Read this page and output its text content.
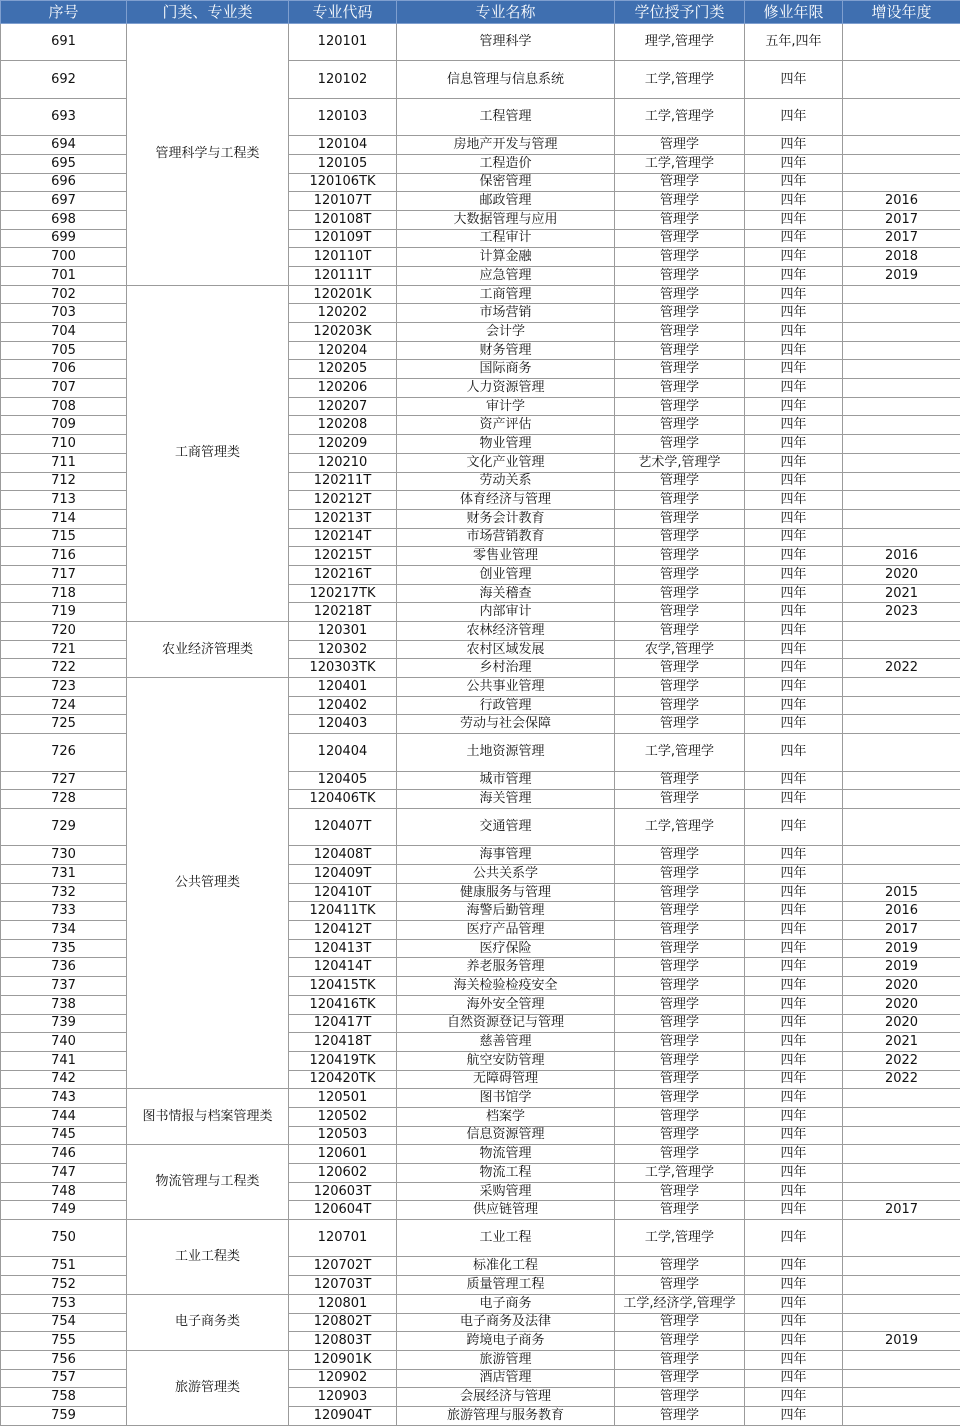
序号	门类、专业类	专业代码	专业名称	学位授予门类	修业年限	增设年度
691	管理科学与工程类	120101	管理科学	理学,管理学	五年,四年	
692		120102	信息管理与信息系统	工学,管理学	四年	
693		120103	工程管理	工学,管理学	四年	
694		120104	房地产开发与管理	管理学	四年	
695		120105	工程造价	工学,管理学	四年	
696		120106TK	保密管理	管理学	四年	
697		120107T	邮政管理	管理学	四年	2016
698		120108T	大数据管理与应用	管理学	四年	2017
699		120109T	工程审计	管理学	四年	2017
700		120110T	计算金融	管理学	四年	2018
701		120111T	应急管理	管理学	四年	2019
702	工商管理类	120201K	工商管理	管理学	四年	
703		120202	市场营销	管理学	四年	
704		120203K	会计学	管理学	四年	
705		120204	财务管理	管理学	四年	
706		120205	国际商务	管理学	四年	
707		120206	人力资源管理	管理学	四年	
708		120207	审计学	管理学	四年	
709		120208	资产评估	管理学	四年	
710		120209	物业管理	管理学	四年	
711		120210	文化产业管理	艺术学,管理学	四年	
712		120211T	劳动关系	管理学	四年	
713		120212T	体育经济与管理	管理学	四年	
714		120213T	财务会计教育	管理学	四年	
715		120214T	市场营销教育	管理学	四年	
716		120215T	零售业管理	管理学	四年	2016
717		120216T	创业管理	管理学	四年	2020
718		120217TK	海关稽查	管理学	四年	2021
719		120218T	内部审计	管理学	四年	2023
720	农业经济管理类	120301	农林经济管理	管理学	四年	
721		120302	农村区域发展	农学,管理学	四年	
722		120303TK	乡村治理	管理学	四年	2022
723	公共管理类	120401	公共事业管理	管理学	四年	
724		120402	行政管理	管理学	四年	
725		120403	劳动与社会保障	管理学	四年	
726		120404	土地资源管理	工学,管理学	四年	
727		120405	城市管理	管理学	四年	
728		120406TK	海关管理	管理学	四年	
729		120407T	交通管理	工学,管理学	四年	
730		120408T	海事管理	管理学	四年	
731		120409T	公共关系学	管理学	四年	
732		120410T	健康服务与管理	管理学	四年	2015
733		120411TK	海警后勤管理	管理学	四年	2016
734		120412T	医疗产品管理	管理学	四年	2017
735		120413T	医疗保险	管理学	四年	2019
736		120414T	养老服务管理	管理学	四年	2019
737		120415TK	海关检验检疫安全	管理学	四年	2020
738		120416TK	海外安全管理	管理学	四年	2020
739		120417T	自然资源登记与管理	管理学	四年	2020
740		120418T	慈善管理	管理学	四年	2021
741		120419TK	航空安防管理	管理学	四年	2022
742		120420TK	无障碍管理	管理学	四年	2022
743	图书情报与档案管理类	120501	图书馆学	管理学	四年	
744		120502	档案学	管理学	四年	
745		120503	信息资源管理	管理学	四年	
746	物流管理与工程类	120601	物流管理	管理学	四年	
747		120602	物流工程	工学,管理学	四年	
748		120603T	采购管理	管理学	四年	
749		120604T	供应链管理	管理学	四年	2017
750	工业工程类	120701	工业工程	工学,管理学	四年	
751		120702T	标准化工程	管理学	四年	
752		120703T	质量管理工程	管理学	四年	
753	电子商务类	120801	电子商务	工学,经济学,管理学	四年	
754		120802T	电子商务及法律	管理学	四年	
755		120803T	跨境电子商务	管理学	四年	2019
756	旅游管理类	120901K	旅游管理	管理学	四年	
757		120902	酒店管理	管理学	四年	
758		120903	会展经济与管理	管理学	四年	
759		120904T	旅游管理与服务教育	管理学	四年	
